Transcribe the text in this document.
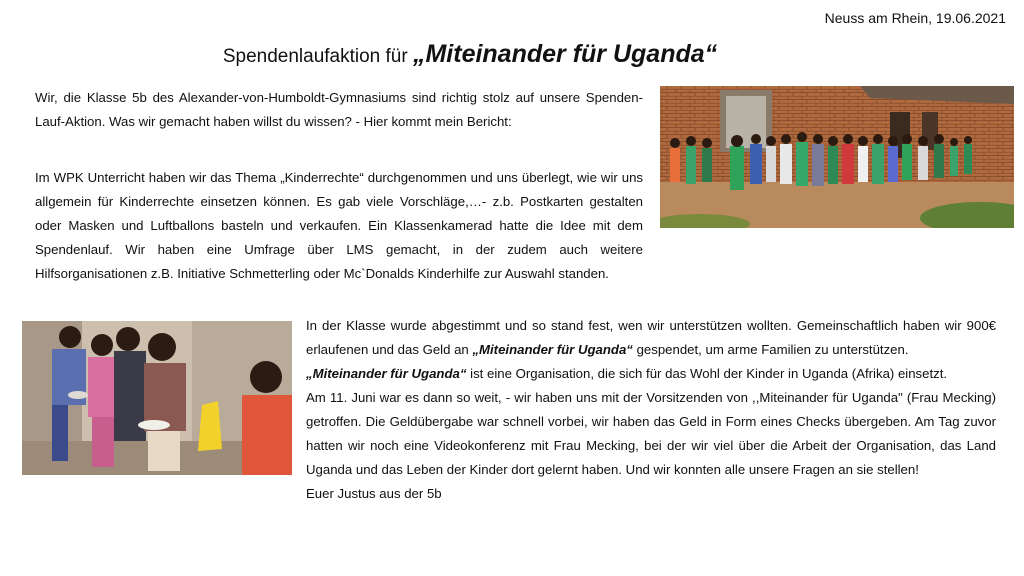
Neuss am Rhein, 19.06.2021
Spendenlaufaktion für „Miteinander für Uganda“

Wir, die Klasse 5b des Alexander-von-Humboldt-Gymnasiums sind richtig stolz auf unsere Spenden-Lauf-Aktion. Was wir gemacht haben willst du wissen? - Hier kommt mein Bericht:

Im WPK Unterricht haben wir das Thema „Kinderrechte“ durchgenommen und uns überlegt, wie wir uns allgemein für Kinderrechte einsetzen können. Es gab viele Vorschläge,…- z.b. Postkarten gestalten oder Masken und Luftballons basteln und verkaufen. Ein Klassenkamerad hatte die Idee mit dem Spendenlauf. Wir haben eine Umfrage über LMS gemacht, in der zudem auch weitere Hilfsorganisationen z.B. Initiative Schmetterling oder Mc`Donalds Kinderhilfe zur Auswahl standen.

In der Klasse wurde abgestimmt und so stand fest, wen wir unterstützen wollten. Gemeinschaftlich haben wir 900€ erlaufenen und das Geld an „Miteinander für Uganda“ gespendet, um arme Familien zu unterstützen.
„Miteinander für Uganda“ ist eine Organisation, die sich für das Wohl der Kinder in Uganda (Afrika) einsetzt.
Am 11. Juni war es dann so weit, - wir haben uns mit der Vorsitzenden von ,,Miteinander für Uganda" (Frau Mecking) getroffen. Die Geldübergabe war schnell vorbei, wir haben das Geld in Form eines Checks übergeben. Am Tag zuvor hatten wir noch eine Videokonferenz mit Frau Mecking, bei der wir viel über die Arbeit der Organisation, das Land Uganda und das Leben der Kinder dort gelernt haben. Und wir konnten alle unsere Fragen an sie stellen!
Euer Justus aus der 5b
